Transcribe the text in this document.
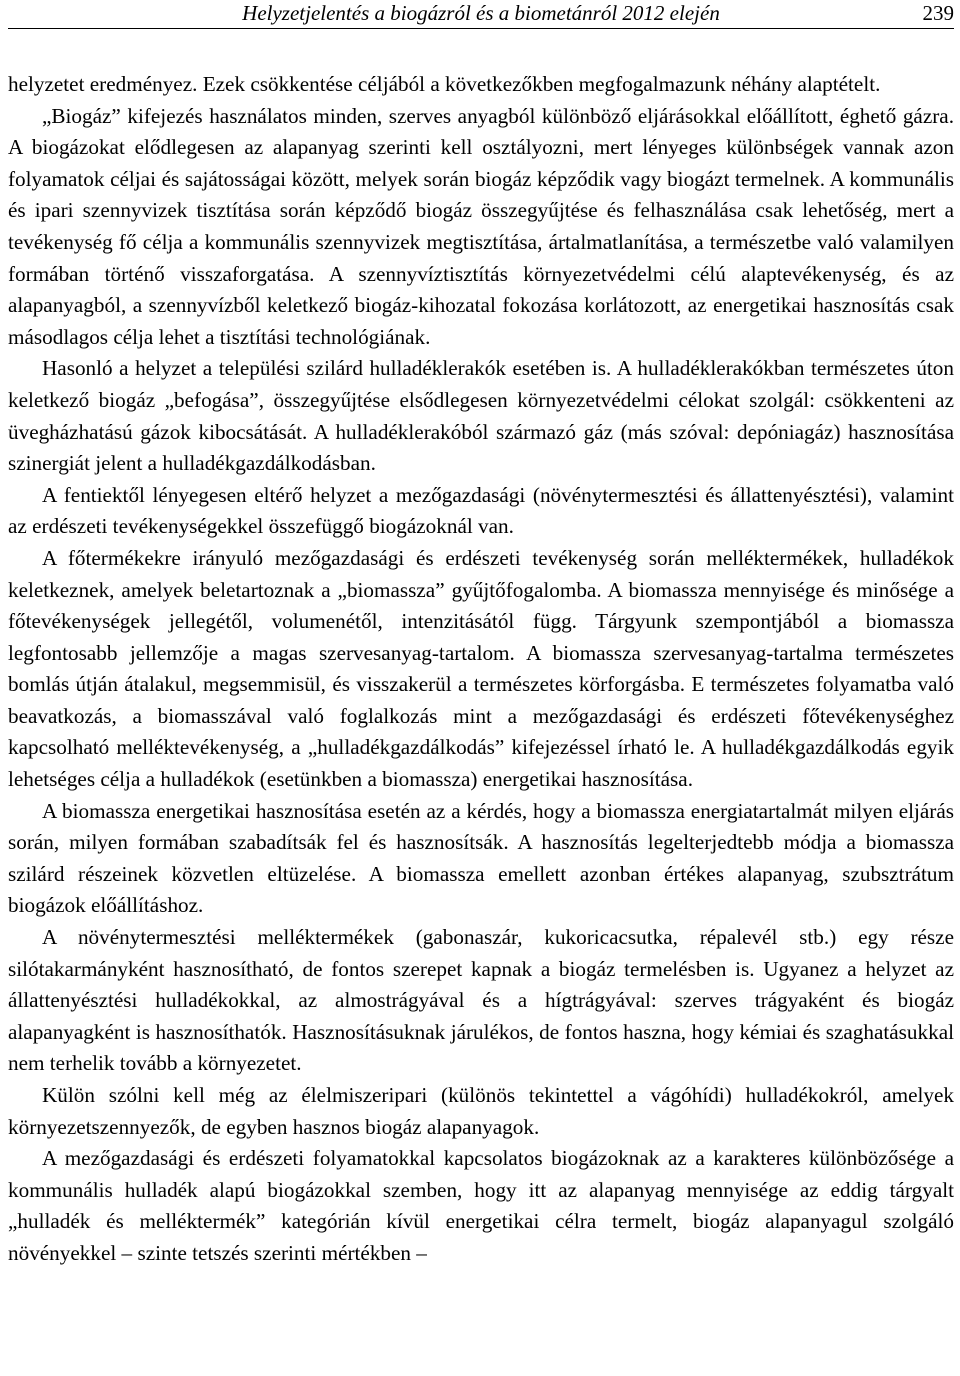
Helyzetjelentés a biogázról és a biometánról 2012 elején	239

helyzetet eredményez. Ezek csökkentése céljából a következőkben megfogalmazunk néhány alaptételt.

„Biogáz” kifejezés használatos minden, szerves anyagból különböző eljárásokkal előállított, éghető gázra. A biogázokat elődlegesen az alapanyag szerinti kell osztályozni, mert lényeges különbségek vannak azon folyamatok céljai és sajátosságai között, melyek során biogáz képződik vagy biogázt termelnek. A kommunális és ipari szennyvizek tisztítása során képződő biogáz összegyűjtése és felhasználása csak lehetőség, mert a tevékenység fő célja a kommunális szennyvizek megtisztítása, ártalmatlanítása, a természetbe való valamilyen formában történő visszaforgatása. A szennyvíztisztítás környezetvédelmi célú alaptevékenység, és az alapanyagból, a szennyvízből keletkező biogáz-kihozatal fokozása korlátozott, az energetikai hasznosítás csak másodlagos célja lehet a tisztítási technológiának.

Hasonló a helyzet a települési szilárd hulladéklerakók esetében is. A hulladéklerakókban természetes úton keletkező biogáz „befogása”, összegyűjtése elsődlegesen környezetvédelmi célokat szolgál: csökkenteni az üvegházhatású gázok kibocsátását. A hulladéklerakóból származó gáz (más szóval: depóniagáz) hasznosítása szinergiát jelent a hulladékgazdálkodásban.

A fentiektől lényegesen eltérő helyzet a mezőgazdasági (növénytermesztési és állattenyésztési), valamint az erdészeti tevékenységekkel összefüggő biogázoknál van.

A főtermékekre irányuló mezőgazdasági és erdészeti tevékenység során melléktermékek, hulladékok keletkeznek, amelyek beletartoznak a „biomassza” gyűjtőfogalomba. A biomassza mennyisége és minősége a főtevékenységek jellegétől, volumenétől, intenzitásától függ. Tárgyunk szempontjából a biomassza legfontosabb jellemzője a magas szervesanyag-tartalom. A biomassza szervesanyag-tartalma természetes bomlás útján átalakul, megsemmisül, és visszakerül a természetes körforgásba. E természetes folyamatba való beavatkozás, a biomasszával való foglalkozás mint a mezőgazdasági és erdészeti főtevékenységhez kapcsolható melléktevékenység, a „hulladékgazdálkodás” kifejezéssel írható le. A hulladékgazdálkodás egyik lehetséges célja a hulladékok (esetünkben a biomassza) energetikai hasznosítása.

A biomassza energetikai hasznosítása esetén az a kérdés, hogy a biomassza energiatartalmát milyen eljárás során, milyen formában szabadítsák fel és hasznosítsák. A hasznosítás legelterjedtebb módja a biomassza szilárd részeinek közvetlen eltüzelése. A biomassza emellett azonban értékes alapanyag, szubsztrátum biogázok előállításhoz.

A növénytermesztési melléktermékek (gabonaszár, kukoricacsutka, répalevél stb.) egy része silótakarmányként hasznosítható, de fontos szerepet kapnak a biogáz termelésben is. Ugyanez a helyzet az állattenyésztési hulladékokkal, az almostrágyával és a hígtrágyával: szerves trágyaként és biogáz alapanyagként is hasznosíthatók. Hasznosításuknak járulékos, de fontos haszna, hogy kémiai és szaghatásukkal nem terhelik tovább a környezetet.

Külön szólni kell még az élelmiszeripari (különös tekintettel a vágóhídi) hulladékokról, amelyek környezetszennyezők, de egyben hasznos biogáz alapanyagok.

A mezőgazdasági és erdészeti folyamatokkal kapcsolatos biogázoknak az a karakteres különbözősége a kommunális hulladék alapú biogázokkal szemben, hogy itt az alapanyag mennyisége az eddig tárgyalt „hulladék és melléktermék” kategórián kívül energetikai célra termelt, biogáz alapanyagul szolgáló növényekkel – szinte tetszés szerinti mértékben –
